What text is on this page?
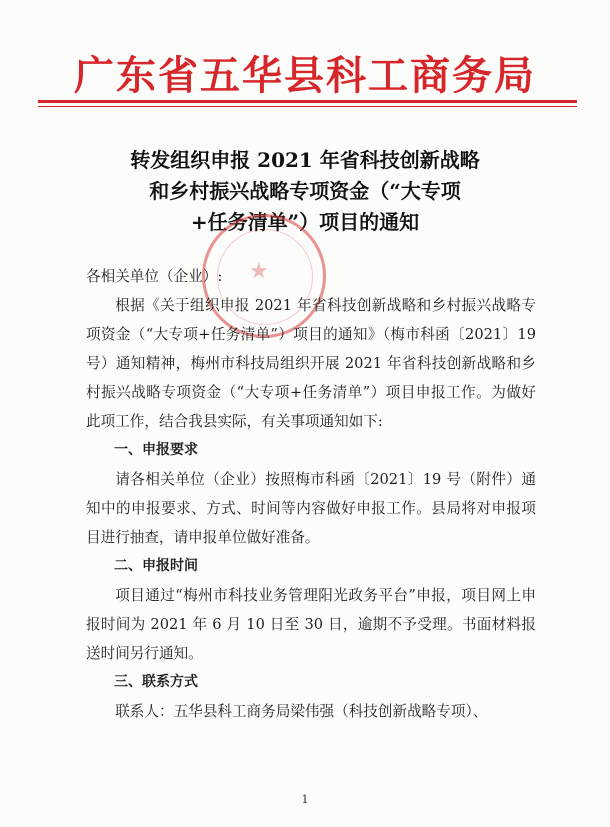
广东省五华县科工商务局
转发组织申报 2021 年省科技创新战略
和乡村振兴战略专项资金（“大专项
+任务清单”）项目的通知
★

各相关单位（企业）:

根据《关于组织申报 2021 年省科技创新战略和乡村振兴战略专项资金（“大专项+任务清单”）项目的通知》（梅市科函〔2021〕19 号）通知精神，梅州市科技局组织开展 2021 年省科技创新战略和乡村振兴战略专项资金（“大专项+任务清单”）项目申报工作。为做好此项工作，结合我县实际，有关事项通知如下:

一、申报要求

请各相关单位（企业）按照梅市科函〔2021〕19 号（附件）通知中的申报要求、方式、时间等内容做好申报工作。县局将对申报项目进行抽查，请申报单位做好准备。

二、申报时间

项目通过“梅州市科技业务管理阳光政务平台”申报，项目网上申报时间为 2021 年 6 月 10 日至 30 日，逾期不予受理。书面材料报送时间另行通知。

三、联系方式

联系人：五华县科工商务局梁伟强（科技创新战略专项）、

1
